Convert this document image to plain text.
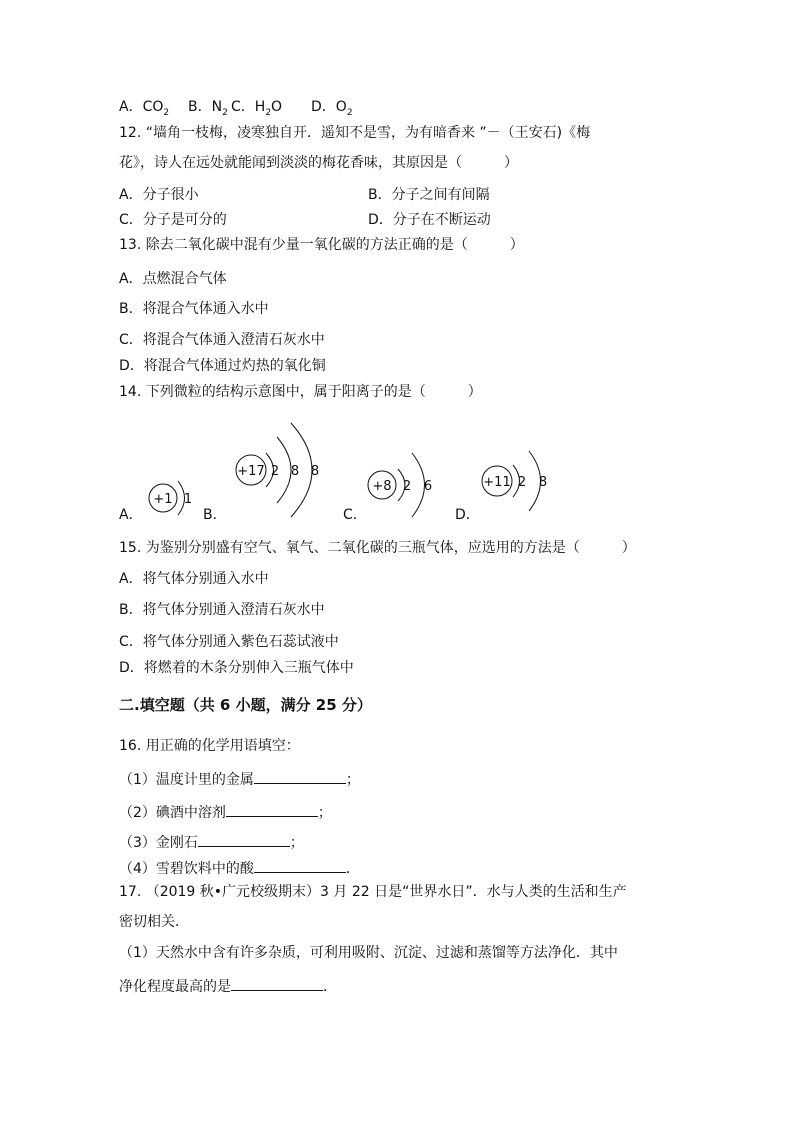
A．$CO_2$ B．$N_2$ C．$H_2O$ D．$O_2$
12. “墙角一枝梅，凌寒独自开．遥知不是雪，为有暗香来 ”－（王安石)《梅
花》，诗人在远处就能闻到淡淡的梅花香味，其原因是（　　　）
A．分子很小	B．分子之间有间隔
C．分子是可分的	D．分子在不断运动
13. 除去二氧化碳中混有少量一氧化碳的方法正确的是（　　　）
A．点燃混合气体
B．将混合气体通入水中
C．将混合气体通入澄清石灰水中
D．将混合气体通过灼热的氧化铜
14. 下列微粒的结构示意图中，属于阳离子的是（　　　）
A．	B．	C．	D．
+1 1
+17 2 8 8
+8 2 6	+11 2 8
15. 为鉴别分别盛有空气、氧气、二氧化碳的三瓶气体，应选用的方法是（　　　）
A．将气体分别通入水中
B．将气体分别通入澄清石灰水中
C．将气体分别通入紫色石蕊试液中
D．将燃着的木条分别伸入三瓶气体中
二.填空题（共 6 小题，满分 25 分）
16. 用正确的化学用语填空：
（1）温度计里的金属	；
（2）碘酒中溶剂	；
（3）金刚石	；
（4）雪碧饮料中的酸	．
17. （2019 秋•广元校级期末）3 月 22 日是“世界水日”．水与人类的生活和生产
密切相关．
（1）天然水中含有许多杂质，可利用吸附、沉淀、过滤和蒸馏等方法净化．其中
净化程度最高的是	．
